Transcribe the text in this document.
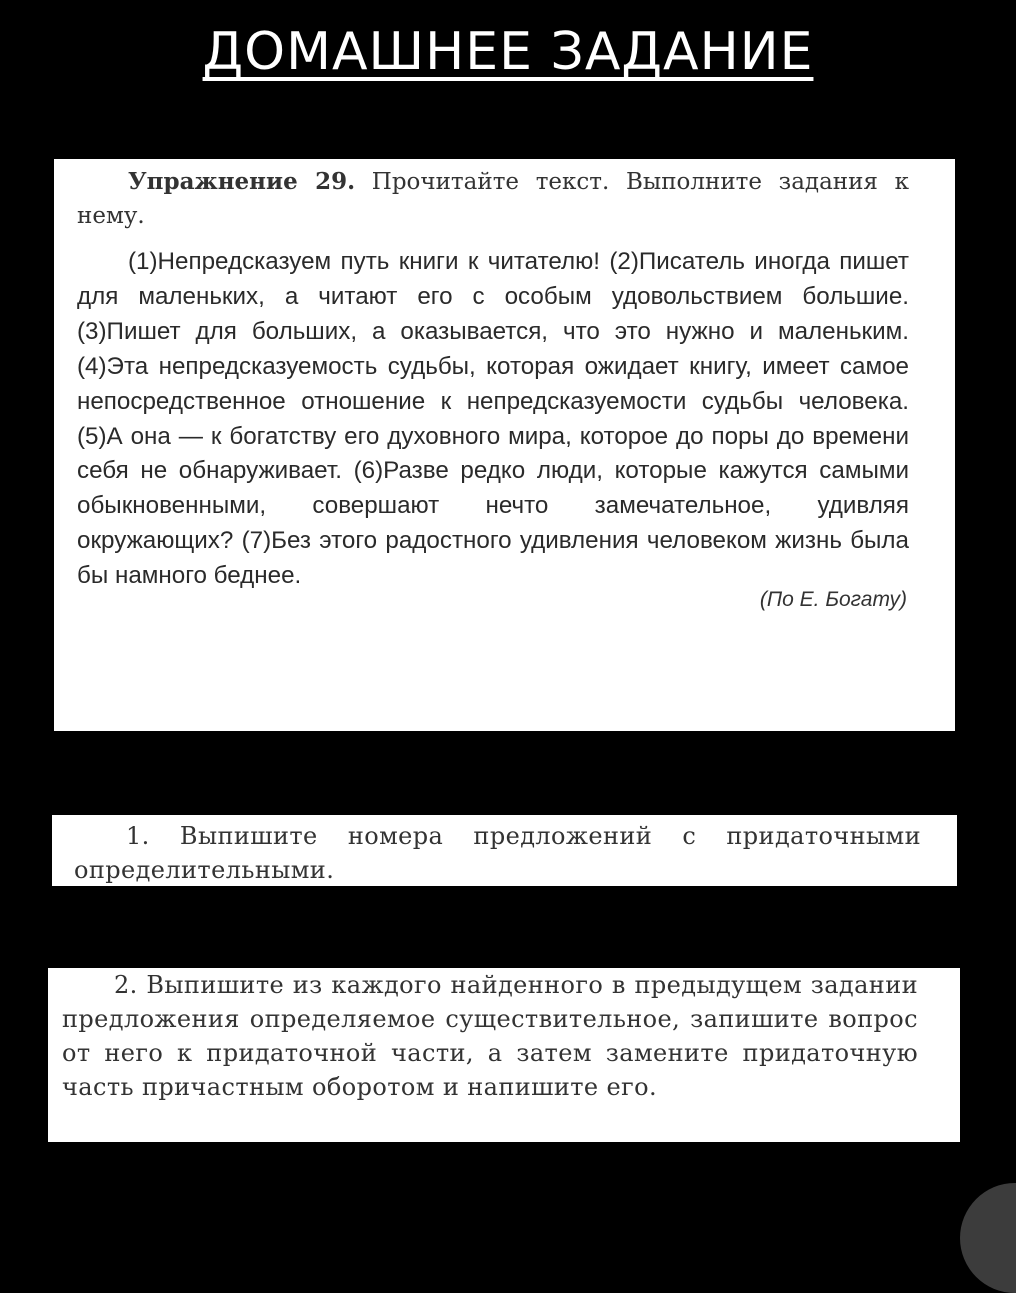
ДОМАШНЕЕ ЗАДАНИЕ
Упражнение 29. Прочитайте текст. Выполните задания к нему.
(1)Непредсказуем путь книги к читателю! (2)Писатель иногда пишет для маленьких, а читают его с особым удовольствием большие. (3)Пишет для больших, а оказывается, что это нужно и маленьким. (4)Эта непредсказуемость судьбы, которая ожидает книгу, имеет самое непосредственное отношение к непредсказуемости судьбы человека. (5)А она — к богатству его духовного мира, которое до поры до времени себя не обнаруживает. (6)Разве редко люди, которые кажутся самыми обыкновенными, совершают нечто замечательное, удивляя окружающих? (7)Без этого радостного удивления человеком жизнь была бы намного беднее.
(По Е. Богату)
1. Выпишите номера предложений с придаточными определительными.
2. Выпишите из каждого найденного в предыдущем задании предложения определяемое существительное, запишите вопрос от него к придаточной части, а затем замените придаточную часть причастным оборотом и напишите его.
